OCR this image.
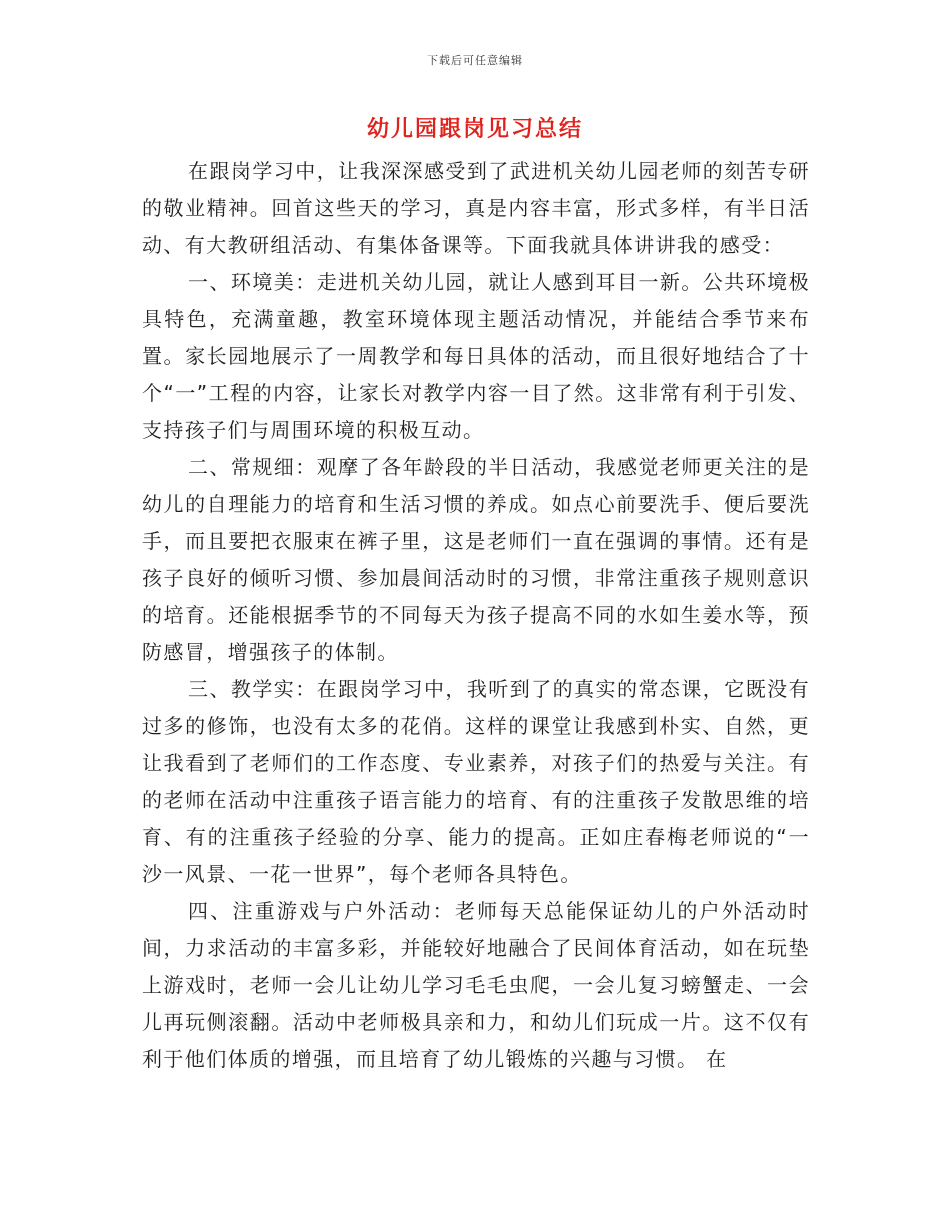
下载后可任意编辑
幼儿园跟岗见习总结

在跟岗学习中，让我深深感受到了武进机关幼儿园老师的刻苦专研的敬业精神。回首这些天的学习，真是内容丰富，形式多样，有半日活动、有大教研组活动、有集体备课等。下面我就具体讲讲我的感受：

一、环境美：走进机关幼儿园，就让人感到耳目一新。公共环境极具特色，充满童趣，教室环境体现主题活动情况，并能结合季节来布置。家长园地展示了一周教学和每日具体的活动，而且很好地结合了十个“一”工程的内容，让家长对教学内容一目了然。这非常有利于引发、支持孩子们与周围环境的积极互动。

二、常规细：观摩了各年龄段的半日活动，我感觉老师更关注的是幼儿的自理能力的培育和生活习惯的养成。如点心前要洗手、便后要洗手，而且要把衣服束在裤子里，这是老师们一直在强调的事情。还有是孩子良好的倾听习惯、参加晨间活动时的习惯，非常注重孩子规则意识的培育。还能根据季节的不同每天为孩子提高不同的水如生姜水等，预防感冒，增强孩子的体制。

三、教学实：在跟岗学习中，我听到了的真实的常态课，它既没有过多的修饰，也没有太多的花俏。这样的课堂让我感到朴实、自然，更让我看到了老师们的工作态度、专业素养，对孩子们的热爱与关注。有的老师在活动中注重孩子语言能力的培育、有的注重孩子发散思维的培育、有的注重孩子经验的分享、能力的提高。正如庄春梅老师说的“一沙一风景、一花一世界”，每个老师各具特色。

四、注重游戏与户外活动：老师每天总能保证幼儿的户外活动时间，力求活动的丰富多彩，并能较好地融合了民间体育活动，如在玩垫上游戏时，老师一会儿让幼儿学习毛毛虫爬，一会儿复习螃蟹走、一会儿再玩侧滚翻。活动中老师极具亲和力，和幼儿们玩成一片。这不仅有利于他们体质的增强，而且培育了幼儿锻炼的兴趣与习惯。 在
